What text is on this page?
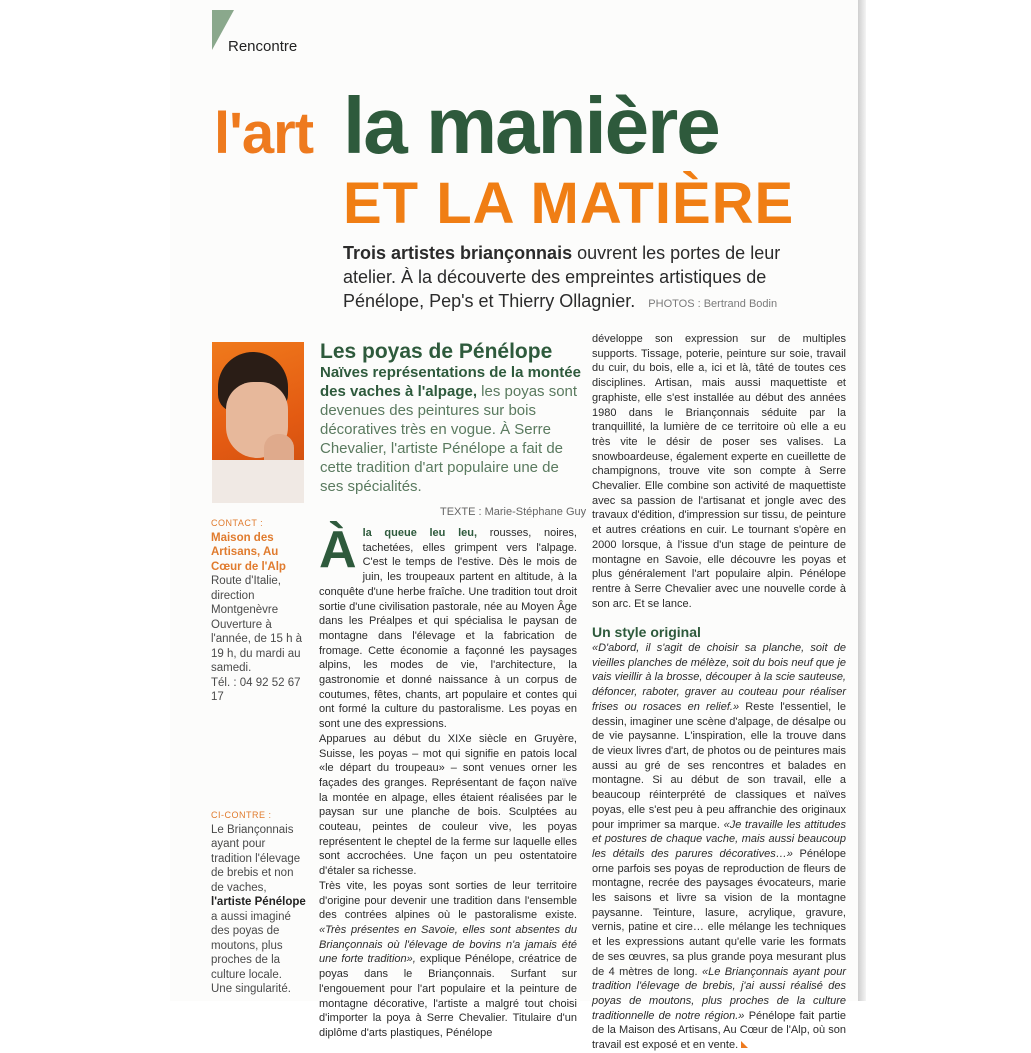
Rencontre
l'art la manière
ET LA MATIÈRE
Trois artistes briançonnais ouvrent les portes de leur atelier. À la découverte des empreintes artistiques de Pénélope, Pep's et Thierry Ollagnier. PHOTOS : Bertrand Bodin
CONTACT :
Maison des Artisans, Au Cœur de l'Alp
Route d'Italie, direction Montgenèvre
Ouverture à l'année, de 15 h à 19 h, du mardi au samedi.
Tél. : 04 92 52 67 17
CI-CONTRE :
Le Briançonnais ayant pour tradition l'élevage de brebis et non de vaches, l'artiste Pénélope a aussi imaginé des poyas de moutons, plus proches de la culture locale. Une singularité.
Les poyas de Pénélope
Naïves représentations de la montée des vaches à l'alpage, les poyas sont devenues des peintures sur bois décoratives très en vogue. À Serre Chevalier, l'artiste Pénélope a fait de cette tradition d'art populaire une de ses spécialités.
TEXTE : Marie-Stéphane Guy

Àla queue leu leu, rousses, noires, tachetées, elles grimpent vers l'alpage. C'est le temps de l'estive. Dès le mois de juin, les troupeaux partent en altitude, à la conquête d'une herbe fraîche. Une tradition tout droit sortie d'une civilisation pastorale, née au Moyen Âge dans les Préalpes et qui spécialisa le paysan de montagne dans l'élevage et la fabrication de fromage. Cette économie a façonné les paysages alpins, les modes de vie, l'architecture, la gastronomie et donné naissance à un corpus de coutumes, fêtes, chants, art populaire et contes qui ont formé la culture du pastoralisme. Les poyas en sont une des expressions.

Apparues au début du XIXe siècle en Gruyère, Suisse, les poyas – mot qui signifie en patois local «le départ du troupeau» – sont venues orner les façades des granges. Représentant de façon naïve la montée en alpage, elles étaient réalisées par le paysan sur une planche de bois. Sculptées au couteau, peintes de couleur vive, les poyas représentent le cheptel de la ferme sur laquelle elles sont accrochées. Une façon un peu ostentatoire d'étaler sa richesse.

Très vite, les poyas sont sorties de leur territoire d'origine pour devenir une tradition dans l'ensemble des contrées alpines où le pastoralisme existe. «Très présentes en Savoie, elles sont absentes du Briançonnais où l'élevage de bovins n'a jamais été une forte tradition», explique Pénélope, créatrice de poyas dans le Briançonnais. Surfant sur l'engouement pour l'art populaire et la peinture de montagne décorative, l'artiste a malgré tout choisi d'importer la poya à Serre Chevalier. Titulaire d'un diplôme d'arts plastiques, Pénélope

développe son expression sur de multiples supports. Tissage, poterie, peinture sur soie, travail du cuir, du bois, elle a, ici et là, tâté de toutes ces disciplines. Artisan, mais aussi maquettiste et graphiste, elle s'est installée au début des années 1980 dans le Briançonnais séduite par la tranquillité, la lumière de ce territoire où elle a eu très vite le désir de poser ses valises. La snowboardeuse, également experte en cueillette de champignons, trouve vite son compte à Serre Chevalier. Elle combine son activité de maquettiste avec sa passion de l'artisanat et jongle avec des travaux d'édition, d'impression sur tissu, de peinture et autres créations en cuir. Le tournant s'opère en 2000 lorsque, à l'issue d'un stage de peinture de montagne en Savoie, elle découvre les poyas et plus généralement l'art populaire alpin. Pénélope rentre à Serre Chevalier avec une nouvelle corde à son arc. Et se lance.

Un style original

«D'abord, il s'agit de choisir sa planche, soit de vieilles planches de mélèze, soit du bois neuf que je vais vieillir à la brosse, découper à la scie sauteuse, défoncer, raboter, graver au couteau pour réaliser frises ou rosaces en relief.» Reste l'essentiel, le dessin, imaginer une scène d'alpage, de désalpe ou de vie paysanne. L'inspiration, elle la trouve dans de vieux livres d'art, de photos ou de peintures mais aussi au gré de ses rencontres et balades en montagne. Si au début de son travail, elle a beaucoup réinterprété de classiques et naïves poyas, elle s'est peu à peu affranchie des originaux pour imprimer sa marque. «Je travaille les attitudes et postures de chaque vache, mais aussi beaucoup les détails des parures décoratives…» Pénélope orne parfois ses poyas de reproduction de fleurs de montagne, recrée des paysages évocateurs, marie les saisons et livre sa vision de la montagne paysanne. Teinture, lasure, acrylique, gravure, vernis, patine et cire… elle mélange les techniques et les expressions autant qu'elle varie les formats de ses œuvres, sa plus grande poya mesurant plus de 4 mètres de long. «Le Briançonnais ayant pour tradition l'élevage de brebis, j'ai aussi réalisé des poyas de moutons, plus proches de la culture traditionnelle de notre région.» Pénélope fait partie de la Maison des Artisans, Au Cœur de l'Alp, où son travail est exposé et en vente.
